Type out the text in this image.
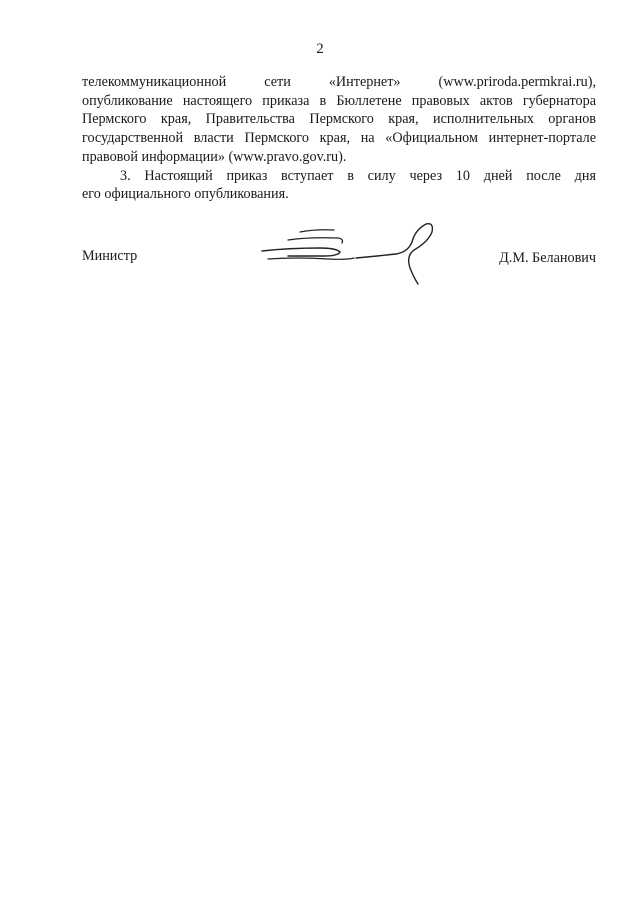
2
телекоммуникационной сети «Интернет» (www.priroda.permkrai.ru),
опубликование настоящего приказа в Бюллетене правовых актов губернатора
Пермского края, Правительства Пермского края, исполнительных органов
государственной власти Пермского края, на «Официальном интернет-портале
правовой информации» (www.pravo.gov.ru).
3. Настоящий приказ вступает в силу через 10 дней после дня
его официального опубликования.
Министр	Д.М. Беланович
